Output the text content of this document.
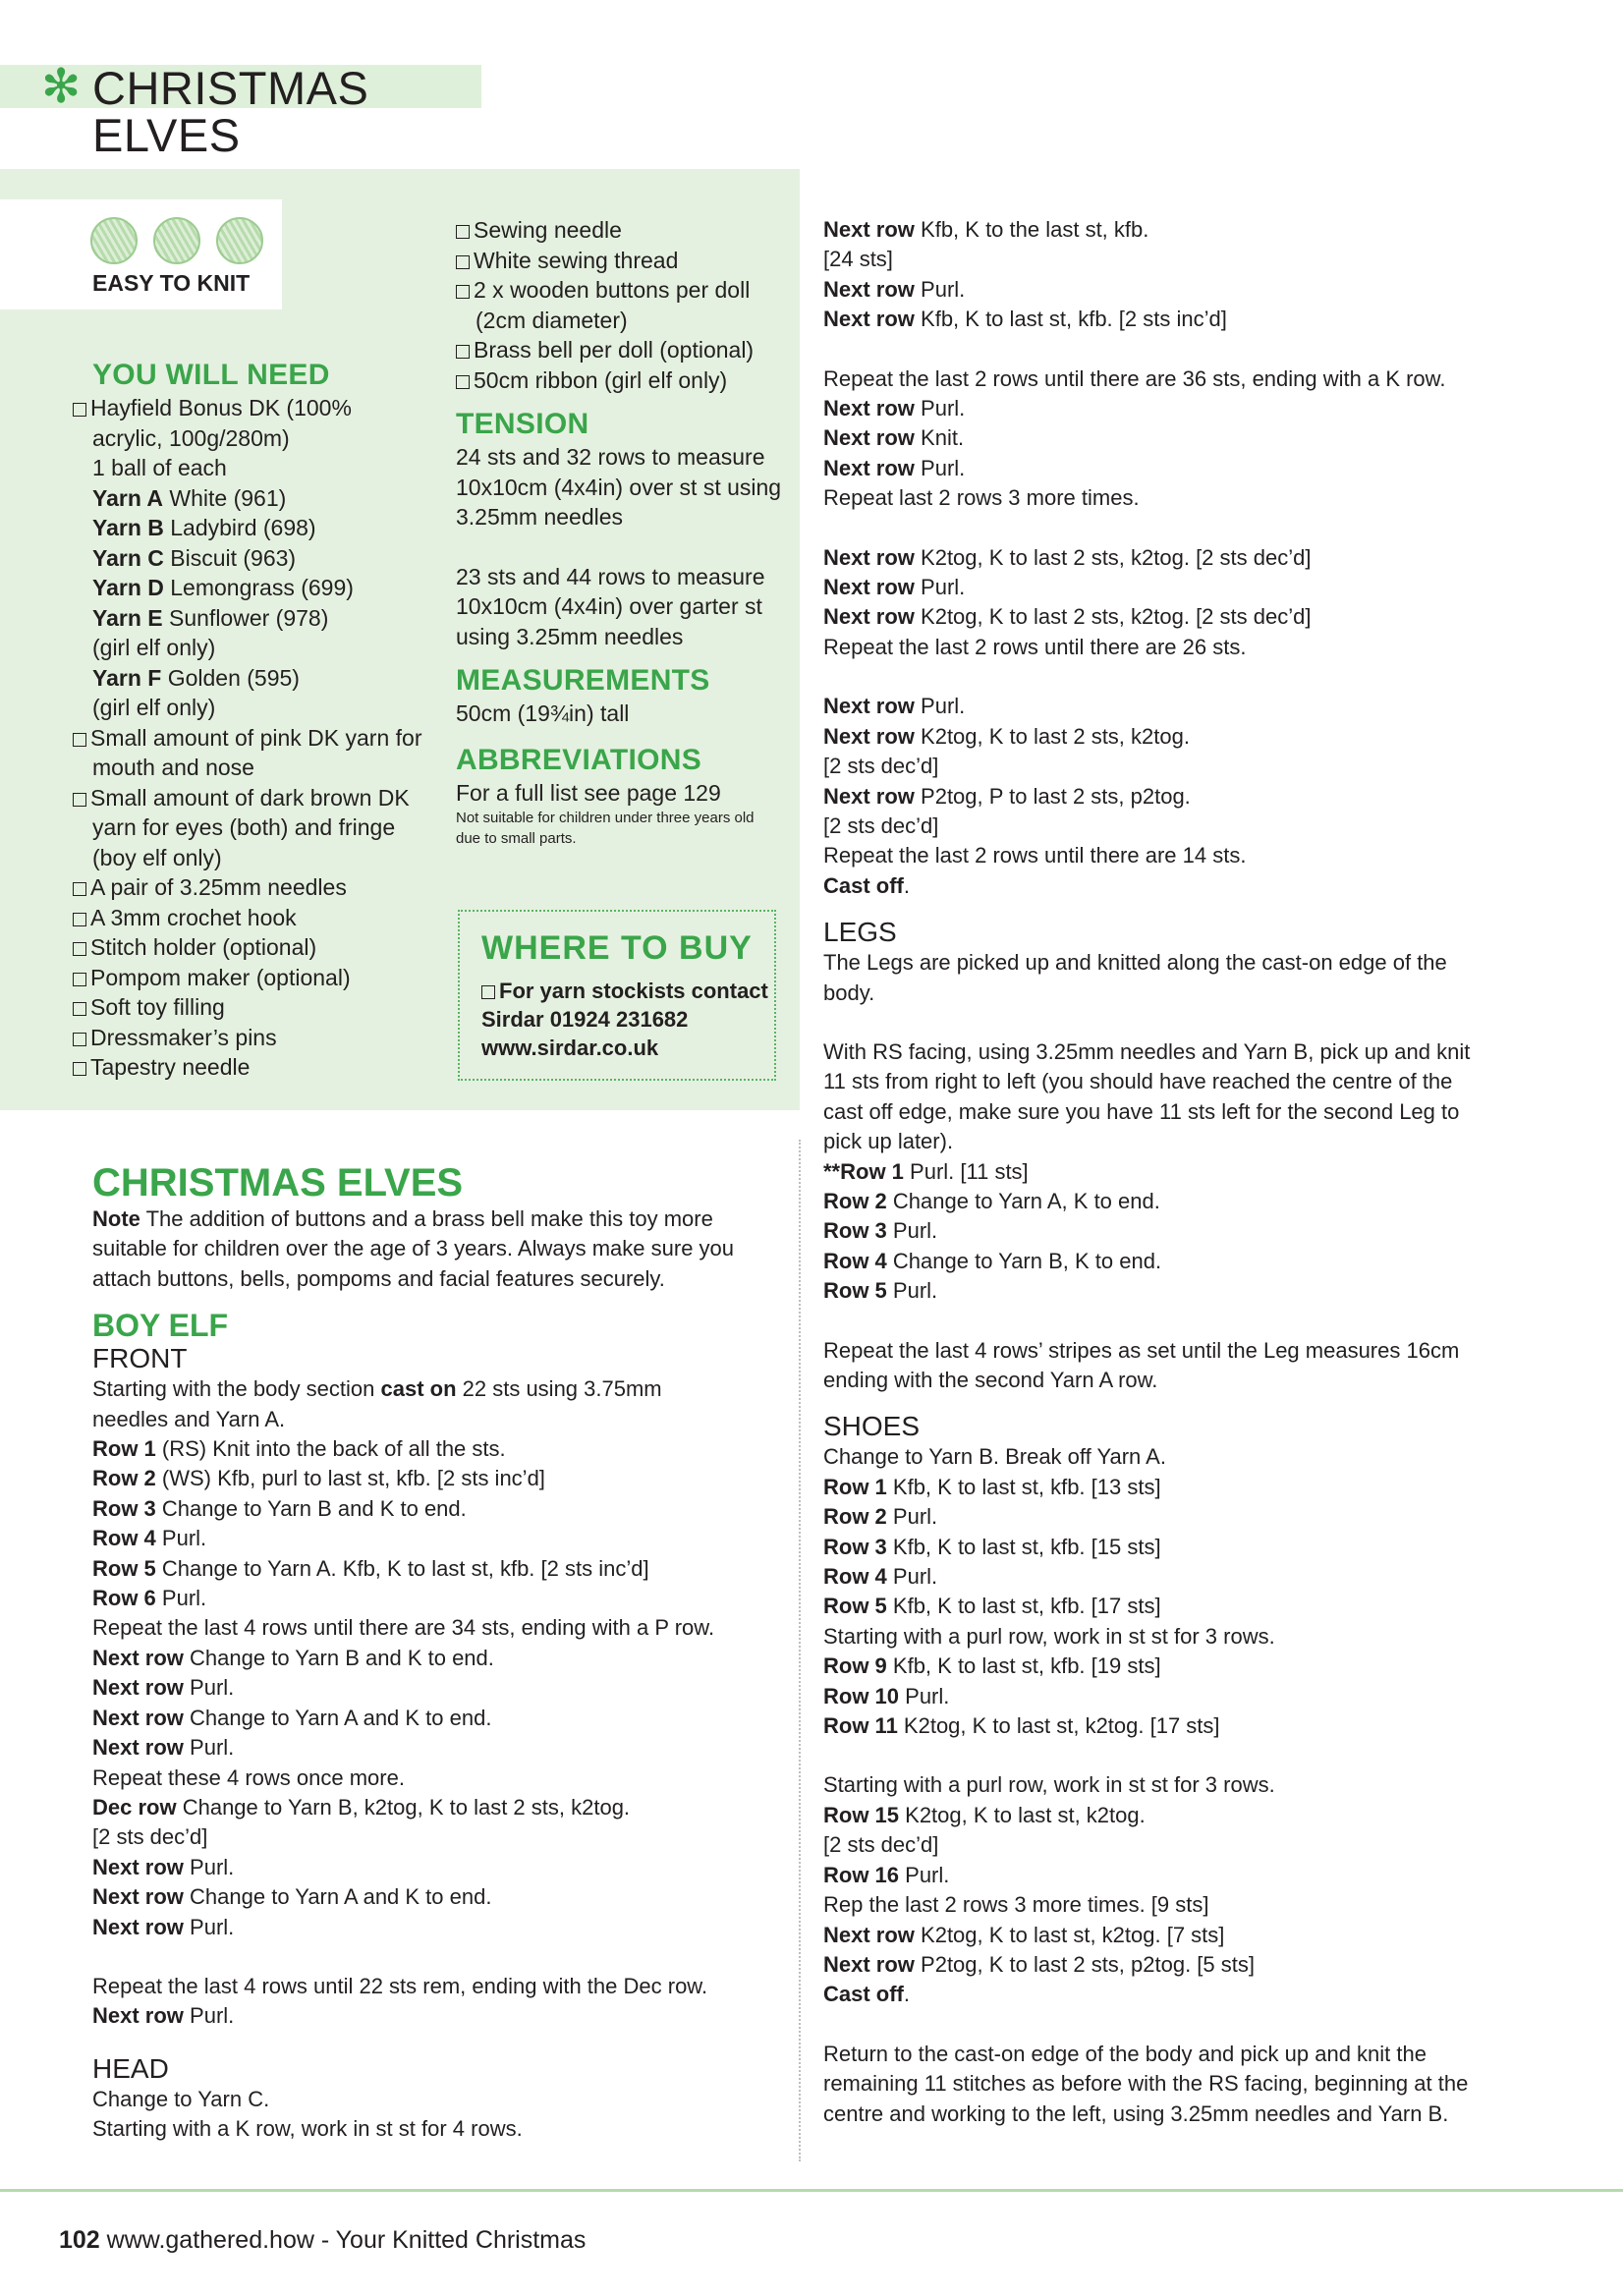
✻ CHRISTMAS ELVES
EASY TO KNIT
YOU WILL NEED
Hayfield Bonus DK (100%
acrylic, 100g/280m)
1 ball of each
Yarn A White (961)
Yarn B Ladybird (698)
Yarn C Biscuit (963)
Yarn D Lemongrass (699)
Yarn E Sunflower (978)
(girl elf only)
Yarn F Golden (595)
(girl elf only)
Small amount of pink DK yarn for
mouth and nose
Small amount of dark brown DK
yarn for eyes (both) and fringe
(boy elf only)
A pair of 3.25mm needles
A 3mm crochet hook
Stitch holder (optional)
Pompom maker (optional)
Soft toy filling
Dressmaker’s pins
Tapestry needle
Sewing needle
White sewing thread
2 x wooden buttons per doll
(2cm diameter)
Brass bell per doll (optional)
50cm ribbon (girl elf only)
TENSION
24 sts and 32 rows to measure
10x10cm (4x4in) over st st using
3.25mm needles
23 sts and 44 rows to measure
10x10cm (4x4in) over garter st
using 3.25mm needles
MEASUREMENTS
50cm (19¾in) tall
ABBREVIATIONS
For a full list see page 129
Not suitable for children under three years old
due to small parts.
WHERE TO BUY
For yarn stockists contact
Sirdar 01924 231682
www.sirdar.co.uk
CHRISTMAS ELVES
Note The addition of buttons and a brass bell make this toy more
suitable for children over the age of 3 years. Always make sure you
attach buttons, bells, pompoms and facial features securely.
BOY ELF
FRONT
Starting with the body section cast on 22 sts using 3.75mm
needles and Yarn A.
Row 1 (RS) Knit into the back of all the sts.
Row 2 (WS) Kfb, purl to last st, kfb. [2 sts inc’d]
Row 3 Change to Yarn B and K to end.
Row 4 Purl.
Row 5 Change to Yarn A. Kfb, K to last st, kfb. [2 sts inc’d]
Row 6 Purl.
Repeat the last 4 rows until there are 34 sts, ending with a P row.
Next row Change to Yarn B and K to end.
Next row Purl.
Next row Change to Yarn A and K to end.
Next row Purl.
Repeat these 4 rows once more.
Dec row Change to Yarn B, k2tog, K to last 2 sts, k2tog.
[2 sts dec’d]
Next row Purl.
Next row Change to Yarn A and K to end.
Next row Purl.
Repeat the last 4 rows until 22 sts rem, ending with the Dec row.
Next row Purl.
HEAD
Change to Yarn C.
Starting with a K row, work in st st for 4 rows.
Next row Kfb, K to the last st, kfb.
[24 sts]
Next row Purl.
Next row Kfb, K to last st, kfb. [2 sts inc’d]
Repeat the last 2 rows until there are 36 sts, ending with a K row.
Next row Purl.
Next row Knit.
Next row Purl.
Repeat last 2 rows 3 more times.
Next row K2tog, K to last 2 sts, k2tog. [2 sts dec’d]
Next row Purl.
Next row K2tog, K to last 2 sts, k2tog. [2 sts dec’d]
Repeat the last 2 rows until there are 26 sts.
Next row Purl.
Next row K2tog, K to last 2 sts, k2tog.
[2 sts dec’d]
Next row P2tog, P to last 2 sts, p2tog.
[2 sts dec’d]
Repeat the last 2 rows until there are 14 sts.
Cast off.
LEGS
The Legs are picked up and knitted along the cast-on edge of the
body.
With RS facing, using 3.25mm needles and Yarn B, pick up and knit
11 sts from right to left (you should have reached the centre of the
cast off edge, make sure you have 11 sts left for the second Leg to
pick up later).
**Row 1 Purl. [11 sts]
Row 2 Change to Yarn A, K to end.
Row 3 Purl.
Row 4 Change to Yarn B, K to end.
Row 5 Purl.
Repeat the last 4 rows’ stripes as set until the Leg measures 16cm
ending with the second Yarn A row.
SHOES
Change to Yarn B. Break off Yarn A.
Row 1 Kfb, K to last st, kfb. [13 sts]
Row 2 Purl.
Row 3 Kfb, K to last st, kfb. [15 sts]
Row 4 Purl.
Row 5 Kfb, K to last st, kfb. [17 sts]
Starting with a purl row, work in st st for 3 rows.
Row 9 Kfb, K to last st, kfb. [19 sts]
Row 10 Purl.
Row 11 K2tog, K to last st, k2tog. [17 sts]
Starting with a purl row, work in st st for 3 rows.
Row 15 K2tog, K to last st, k2tog.
[2 sts dec’d]
Row 16 Purl.
Rep the last 2 rows 3 more times. [9 sts]
Next row K2tog, K to last st, k2tog. [7 sts]
Next row P2tog, K to last 2 sts, p2tog. [5 sts]
Cast off.
Return to the cast-on edge of the body and pick up and knit the
remaining 11 stitches as before with the RS facing, beginning at the
centre and working to the left, using 3.25mm needles and Yarn B.
102 www.gathered.how - Your Knitted Christmas
